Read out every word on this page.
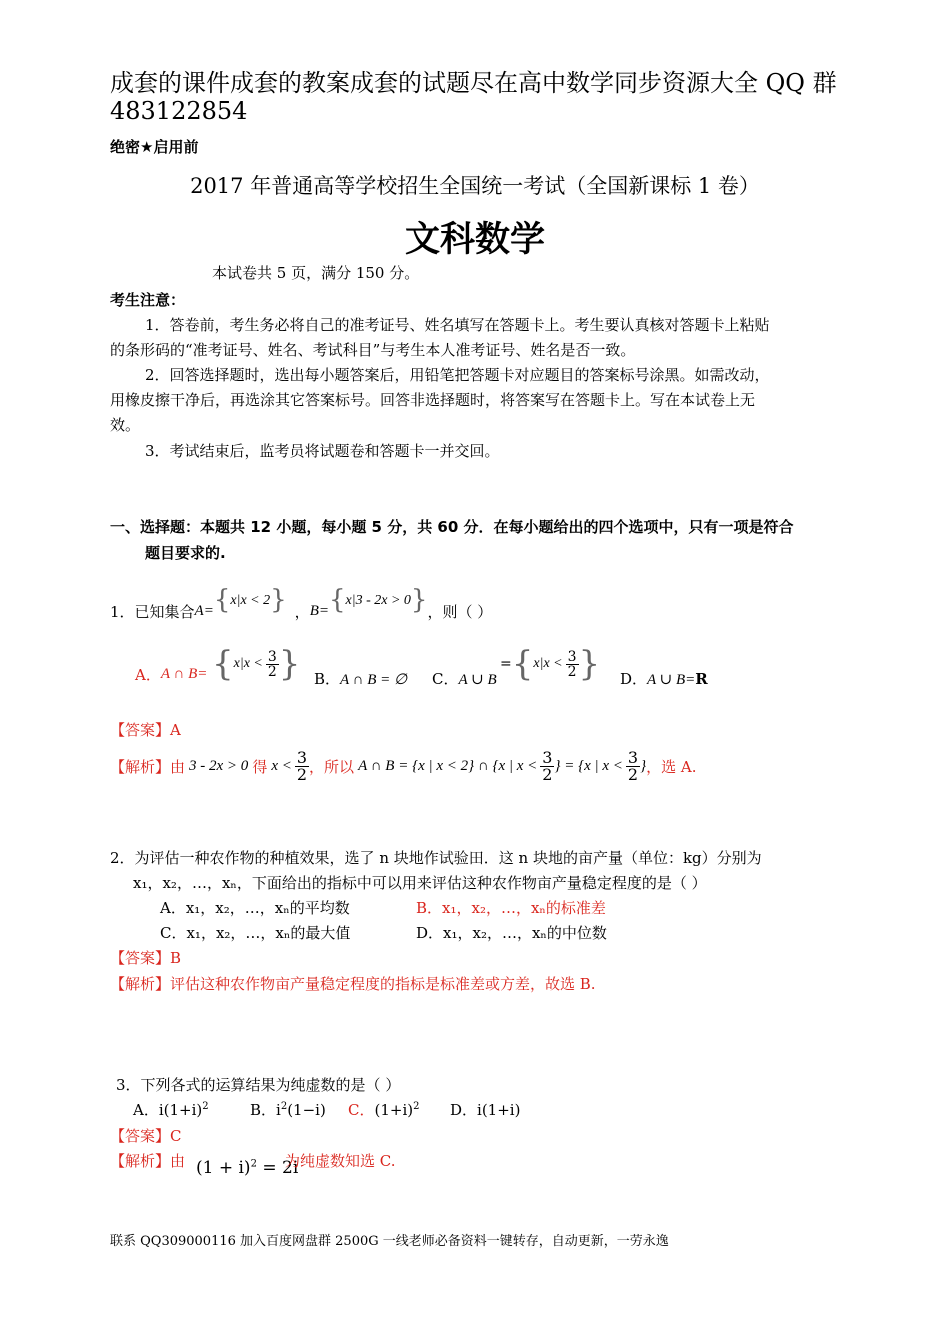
成套的课件成套的教案成套的试题尽在高中数学同步资源大全 QQ 群
483122854
绝密★启用前
2017 年普通高等学校招生全国统一考试（全国新课标 1 卷）
文科数学
本试卷共 5 页，满分 150 分。
考生注意：
1．答卷前，考生务必将自己的准考证号、姓名填写在答题卡上。考生要认真核对答题卡上粘贴
的条形码的“准考证号、姓名、考试科目”与考生本人准考证号、姓名是否一致。
2．回答选择题时，选出每小题答案后，用铅笔把答题卡对应题目的答案标号涂黑。如需改动，
用橡皮擦干净后，再选涂其它答案标号。回答非选择题时，将答案写在答题卡上。写在本试卷上无
效。
3．考试结束后，监考员将试题卷和答题卡一并交回。
一、选择题：本题共 12 小题，每小题 5 分，共 60 分．在每小题给出的四个选项中，只有一项是符合
题目要求的.
1．已知集合 A= {x|x < 2} ， B= {x|3 - 2x > 0} ，则（ ）
A． A ∩ B= { $x|x < \frac{3}{2}$ } B．A ∩ B = ∅ C．A ∪ B
= { $x|x < \frac{3}{2}$ } D．A ∪ B=R
【答案】A
【解析】 由 3 - 2x > 0 得 $x < \frac{3}{2}$ ，所以 A ∩ B = {x | x < 2} ∩ {x | $x < \frac{3}{2}$ } = {x | $x < \frac{3}{2}$ } ，选 A.
2．为评估一种农作物的种植效果，选了 n 块地作试验田．这 n 块地的亩产量（单位：kg）分别为
x₁，x₂，…，xₙ，下面给出的指标中可以用来评估这种农作物亩产量稳定程度的是（ ）
A．x₁，x₂，…，xₙ的平均数	B．x₁，x₂，…，xₙ的标准差
C．x₁，x₂，…，xₙ的最大值	D．x₁，x₂，…，xₙ的中位数
【答案】B
【解析】评估这种农作物亩产量稳定程度的指标是标准差或方差，故选 B.
3．下列各式的运算结果为纯虚数的是（ ）
A．$i(1+i)^2$	B．$i^2(1-i)$ C．$(1+i)^2$ D．i(1+i)
【答案】C
【解析】由 $(1 + i)^2 = 2i$
为纯虚数知选 C.
联系 QQ309000116 加入百度网盘群 2500G 一线老师必备资料一键转存，自动更新，一劳永逸
